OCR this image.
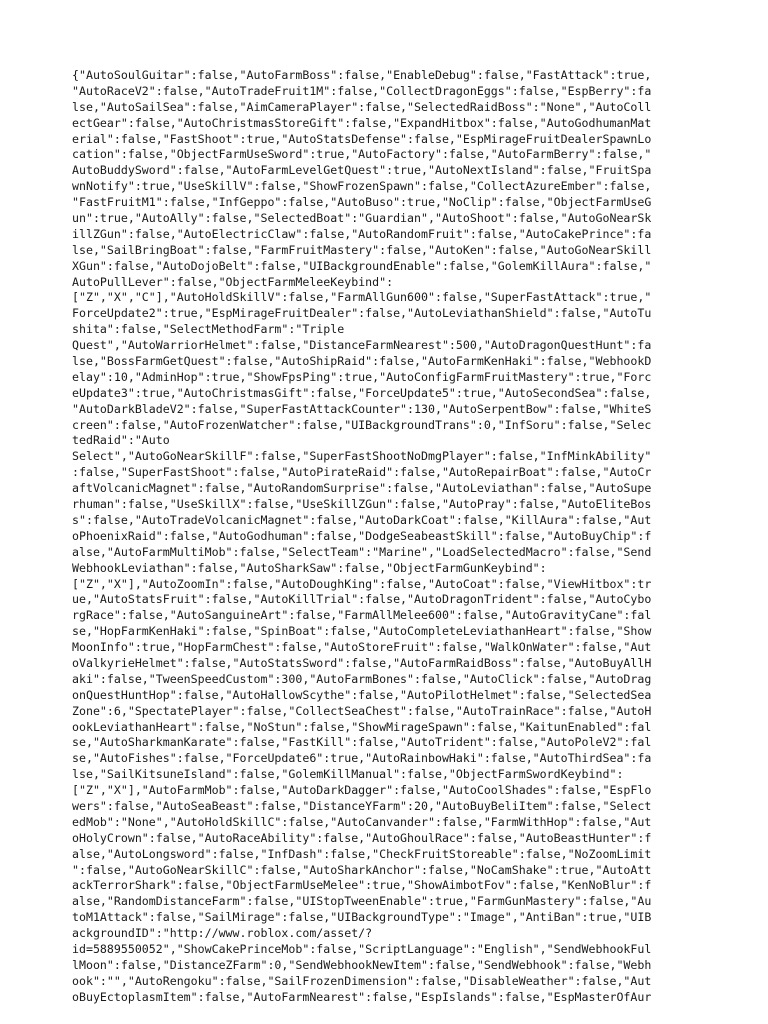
{"AutoSoulGuitar":false,"AutoFarmBoss":false,"EnableDebug":false,"FastAttack":true,
"AutoRaceV2":false,"AutoTradeFruit1M":false,"CollectDragonEggs":false,"EspBerry":fa
lse,"AutoSailSea":false,"AimCameraPlayer":false,"SelectedRaidBoss":"None","AutoColl
ectGear":false,"AutoChristmasStoreGift":false,"ExpandHitbox":false,"AutoGodhumanMat
erial":false,"FastShoot":true,"AutoStatsDefense":false,"EspMirageFruitDealerSpawnLo
cation":false,"ObjectFarmUseSword":true,"AutoFactory":false,"AutoFarmBerry":false,"
AutoBuddySword":false,"AutoFarmLevelGetQuest":true,"AutoNextIsland":false,"FruitSpa
wnNotify":true,"UseSkillV":false,"ShowFrozenSpawn":false,"CollectAzureEmber":false,
"FastFruitM1":false,"InfGeppo":false,"AutoBuso":true,"NoClip":false,"ObjectFarmUseG
un":true,"AutoAlly":false,"SelectedBoat":"Guardian","AutoShoot":false,"AutoGoNearSk
illZGun":false,"AutoElectricClaw":false,"AutoRandomFruit":false,"AutoCakePrince":fa
lse,"SailBringBoat":false,"FarmFruitMastery":false,"AutoKen":false,"AutoGoNearSkill
XGun":false,"AutoDojoBelt":false,"UIBackgroundEnable":false,"GolemKillAura":false,"
AutoPullLever":false,"ObjectFarmMeleeKeybind":
["Z","X","C"],"AutoHoldSkillV":false,"FarmAllGun600":false,"SuperFastAttack":true,"
ForceUpdate2":true,"EspMirageFruitDealer":false,"AutoLeviathanShield":false,"AutoTu
shita":false,"SelectMethodFarm":"Triple
Quest","AutoWarriorHelmet":false,"DistanceFarmNearest":500,"AutoDragonQuestHunt":fa
lse,"BossFarmGetQuest":false,"AutoShipRaid":false,"AutoFarmKenHaki":false,"WebhookD
elay":10,"AdminHop":true,"ShowFpsPing":true,"AutoConfigFarmFruitMastery":true,"Forc
eUpdate3":true,"AutoChristmasGift":false,"ForceUpdate5":true,"AutoSecondSea":false,
"AutoDarkBladeV2":false,"SuperFastAttackCounter":130,"AutoSerpentBow":false,"WhiteS
creen":false,"AutoFrozenWatcher":false,"UIBackgroundTrans":0,"InfSoru":false,"Selec
tedRaid":"Auto
Select","AutoGoNearSkillF":false,"SuperFastShootNoDmgPlayer":false,"InfMinkAbility"
:false,"SuperFastShoot":false,"AutoPirateRaid":false,"AutoRepairBoat":false,"AutoCr
aftVolcanicMagnet":false,"AutoRandomSurprise":false,"AutoLeviathan":false,"AutoSupe
rhuman":false,"UseSkillX":false,"UseSkillZGun":false,"AutoPray":false,"AutoEliteBos
s":false,"AutoTradeVolcanicMagnet":false,"AutoDarkCoat":false,"KillAura":false,"Aut
oPhoenixRaid":false,"AutoGodhuman":false,"DodgeSeabeastSkill":false,"AutoBuyChip":f
alse,"AutoFarmMultiMob":false,"SelectTeam":"Marine","LoadSelectedMacro":false,"Send
WebhookLeviathan":false,"AutoSharkSaw":false,"ObjectFarmGunKeybind":
["Z","X"],"AutoZoomIn":false,"AutoDoughKing":false,"AutoCoat":false,"ViewHitbox":tr
ue,"AutoStatsFruit":false,"AutoKillTrial":false,"AutoDragonTrident":false,"AutoCybo
rgRace":false,"AutoSanguineArt":false,"FarmAllMelee600":false,"AutoGravityCane":fal
se,"HopFarmKenHaki":false,"SpinBoat":false,"AutoCompleteLeviathanHeart":false,"Show
MoonInfo":true,"HopFarmChest":false,"AutoStoreFruit":false,"WalkOnWater":false,"Aut
oValkyrieHelmet":false,"AutoStatsSword":false,"AutoFarmRaidBoss":false,"AutoBuyAllH
aki":false,"TweenSpeedCustom":300,"AutoFarmBones":false,"AutoClick":false,"AutoDrag
onQuestHuntHop":false,"AutoHallowScythe":false,"AutoPilotHelmet":false,"SelectedSea
Zone":6,"SpectatePlayer":false,"CollectSeaChest":false,"AutoTrainRace":false,"AutoH
ookLeviathanHeart":false,"NoStun":false,"ShowMirageSpawn":false,"KaitunEnabled":fal
se,"AutoSharkmanKarate":false,"FastKill":false,"AutoTrident":false,"AutoPoleV2":fal
se,"AutoFishes":false,"ForceUpdate6":true,"AutoRainbowHaki":false,"AutoThirdSea":fa
lse,"SailKitsuneIsland":false,"GolemKillManual":false,"ObjectFarmSwordKeybind":
["Z","X"],"AutoFarmMob":false,"AutoDarkDagger":false,"AutoCoolShades":false,"EspFlo
wers":false,"AutoSeaBeast":false,"DistanceYFarm":20,"AutoBuyBeliItem":false,"Select
edMob":"None","AutoHoldSkillC":false,"AutoCanvander":false,"FarmWithHop":false,"Aut
oHolyCrown":false,"AutoRaceAbility":false,"AutoGhoulRace":false,"AutoBeastHunter":f
alse,"AutoLongsword":false,"InfDash":false,"CheckFruitStoreable":false,"NoZoomLimit
":false,"AutoGoNearSkillC":false,"AutoSharkAnchor":false,"NoCamShake":true,"AutoAtt
ackTerrorShark":false,"ObjectFarmUseMelee":true,"ShowAimbotFov":false,"KenNoBlur":f
alse,"RandomDistanceFarm":false,"UIStopTweenEnable":true,"FarmGunMastery":false,"Au
toM1Attack":false,"SailMirage":false,"UIBackgroundType":"Image","AntiBan":true,"UIB
ackgroundID":"http://www.roblox.com/asset/?
id=5889550052","ShowCakePrinceMob":false,"ScriptLanguage":"English","SendWebhookFul
lMoon":false,"DistanceZFarm":0,"SendWebhookNewItem":false,"SendWebhook":false,"Webh
ook":"","AutoRengoku":false,"SailFrozenDimension":false,"DisableWeather":false,"Aut
oBuyEctoplasmItem":false,"AutoFarmNearest":false,"EspIslands":false,"EspMasterOfAur
